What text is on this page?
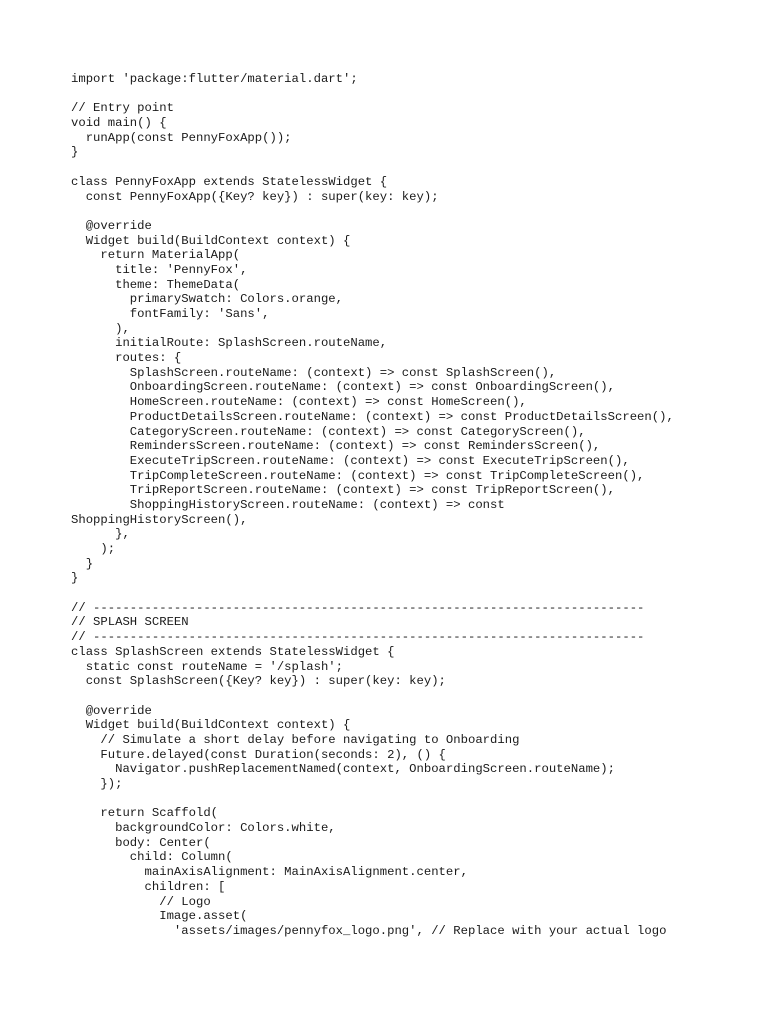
import 'package:flutter/material.dart';
// Entry point
void main() {
runApp(const PennyFoxApp());
}
class PennyFoxApp extends StatelessWidget {
const PennyFoxApp({Key? key}) : super(key: key);
@override
Widget build(BuildContext context) {
return MaterialApp(
title: 'PennyFox',
theme: ThemeData(
primarySwatch: Colors.orange,
fontFamily: 'Sans',
),
initialRoute: SplashScreen.routeName,
routes: {
SplashScreen.routeName: (context) => const SplashScreen(),
OnboardingScreen.routeName: (context) => const OnboardingScreen(),
HomeScreen.routeName: (context) => const HomeScreen(),
ProductDetailsScreen.routeName: (context) => const ProductDetailsScreen(),
CategoryScreen.routeName: (context) => const CategoryScreen(),
RemindersScreen.routeName: (context) => const RemindersScreen(),
ExecuteTripScreen.routeName: (context) => const ExecuteTripScreen(),
TripCompleteScreen.routeName: (context) => const TripCompleteScreen(),
TripReportScreen.routeName: (context) => const TripReportScreen(),
ShoppingHistoryScreen.routeName: (context) => const
ShoppingHistoryScreen(),
},
);
}
}
// ---------------------------------------------------------------------------
// SPLASH SCREEN
// ---------------------------------------------------------------------------
class SplashScreen extends StatelessWidget {
static const routeName = '/splash';
const SplashScreen({Key? key}) : super(key: key);
@override
Widget build(BuildContext context) {
// Simulate a short delay before navigating to Onboarding
Future.delayed(const Duration(seconds: 2), () {
Navigator.pushReplacementNamed(context, OnboardingScreen.routeName);
});
return Scaffold(
backgroundColor: Colors.white,
body: Center(
child: Column(
mainAxisAlignment: MainAxisAlignment.center,
children: [
// Logo
Image.asset(
'assets/images/pennyfox_logo.png', // Replace with your actual logo
